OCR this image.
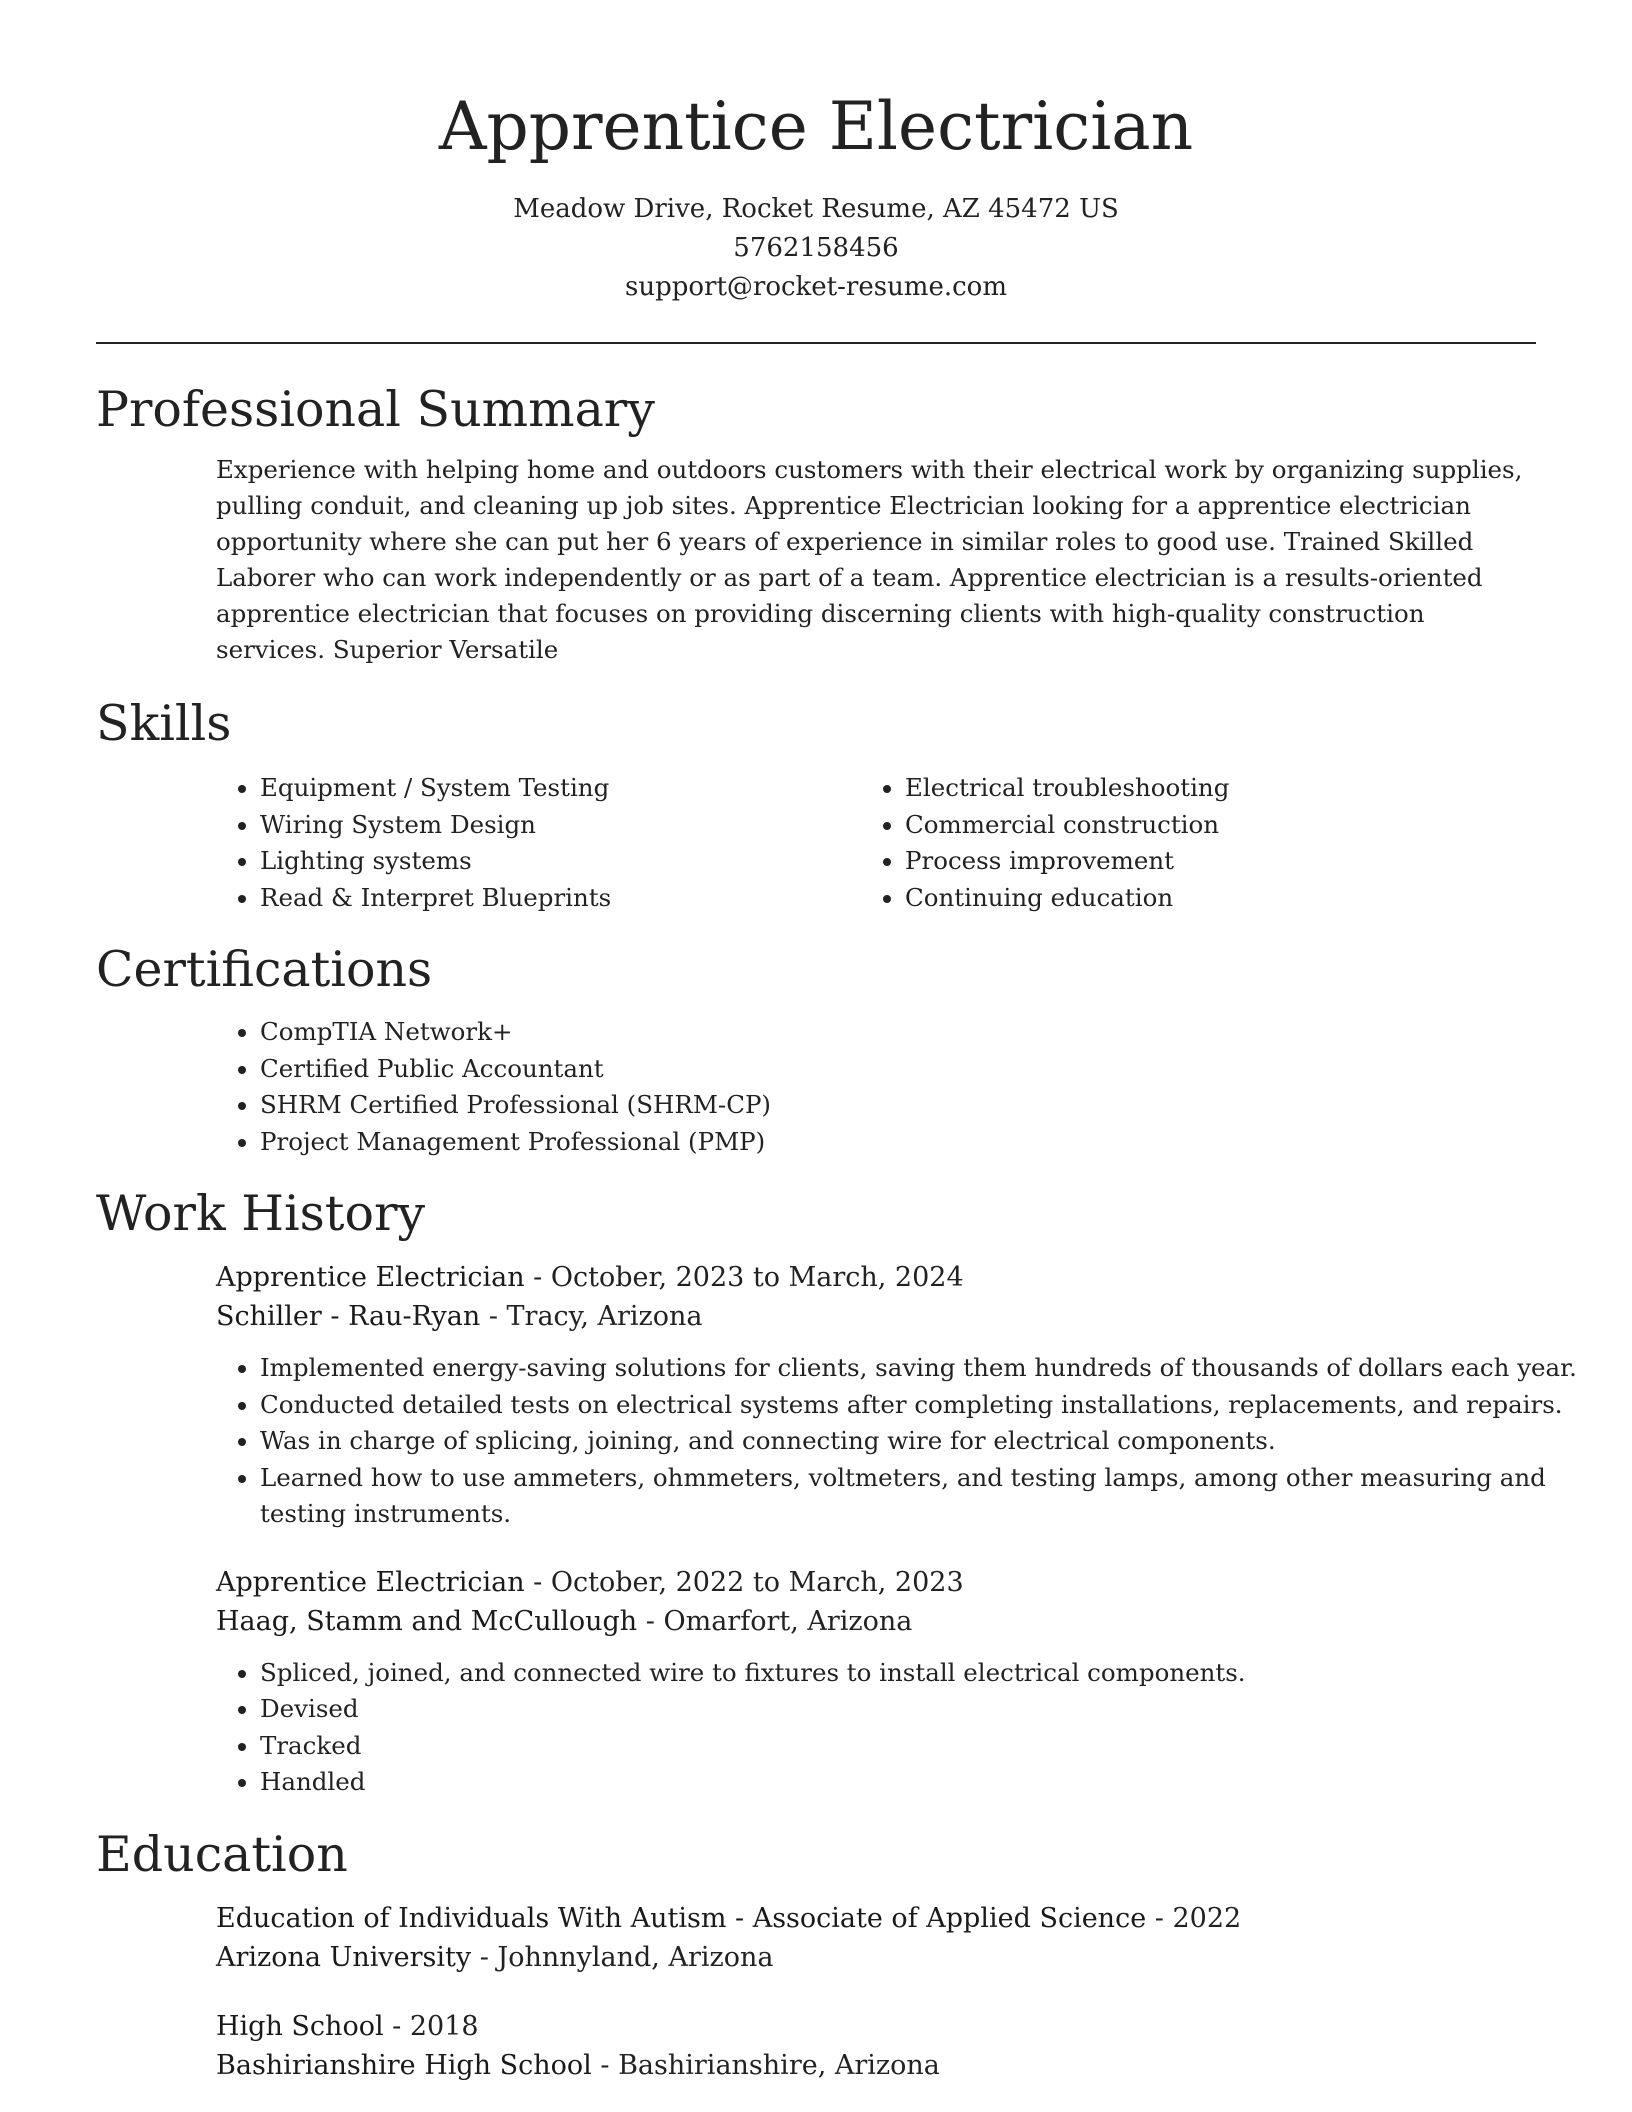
Apprentice Electrician
Meadow Drive, Rocket Resume, AZ 45472 US
5762158456
support@rocket-resume.com
Professional Summary
Experience with helping home and outdoors customers with their electrical work by organizing supplies, pulling conduit, and cleaning up job sites. Apprentice Electrician looking for a apprentice electrician opportunity where she can put her 6 years of experience in similar roles to good use. Trained Skilled Laborer who can work independently or as part of a team. Apprentice electrician is a results-oriented apprentice electrician that focuses on providing discerning clients with high-quality construction services. Superior Versatile
Skills
• Equipment / System Testing
• Wiring System Design
• Lighting systems
• Read & Interpret Blueprints
• Electrical troubleshooting
• Commercial construction
• Process improvement
• Continuing education
Certifications
• CompTIA Network+
• Certified Public Accountant
• SHRM Certified Professional (SHRM-CP)
• Project Management Professional (PMP)
Work History
Apprentice Electrician - October, 2023 to March, 2024
Schiller - Rau-Ryan - Tracy, Arizona
• Implemented energy-saving solutions for clients, saving them hundreds of thousands of dollars each year.
• Conducted detailed tests on electrical systems after completing installations, replacements, and repairs.
• Was in charge of splicing, joining, and connecting wire for electrical components.
• Learned how to use ammeters, ohmmeters, voltmeters, and testing lamps, among other measuring and testing instruments.
Apprentice Electrician - October, 2022 to March, 2023
Haag, Stamm and McCullough - Omarfort, Arizona
• Spliced, joined, and connected wire to fixtures to install electrical components.
• Devised
• Tracked
• Handled
Education
Education of Individuals With Autism - Associate of Applied Science - 2022
Arizona University - Johnnyland, Arizona
High School - 2018
Bashirianshire High School - Bashirianshire, Arizona
